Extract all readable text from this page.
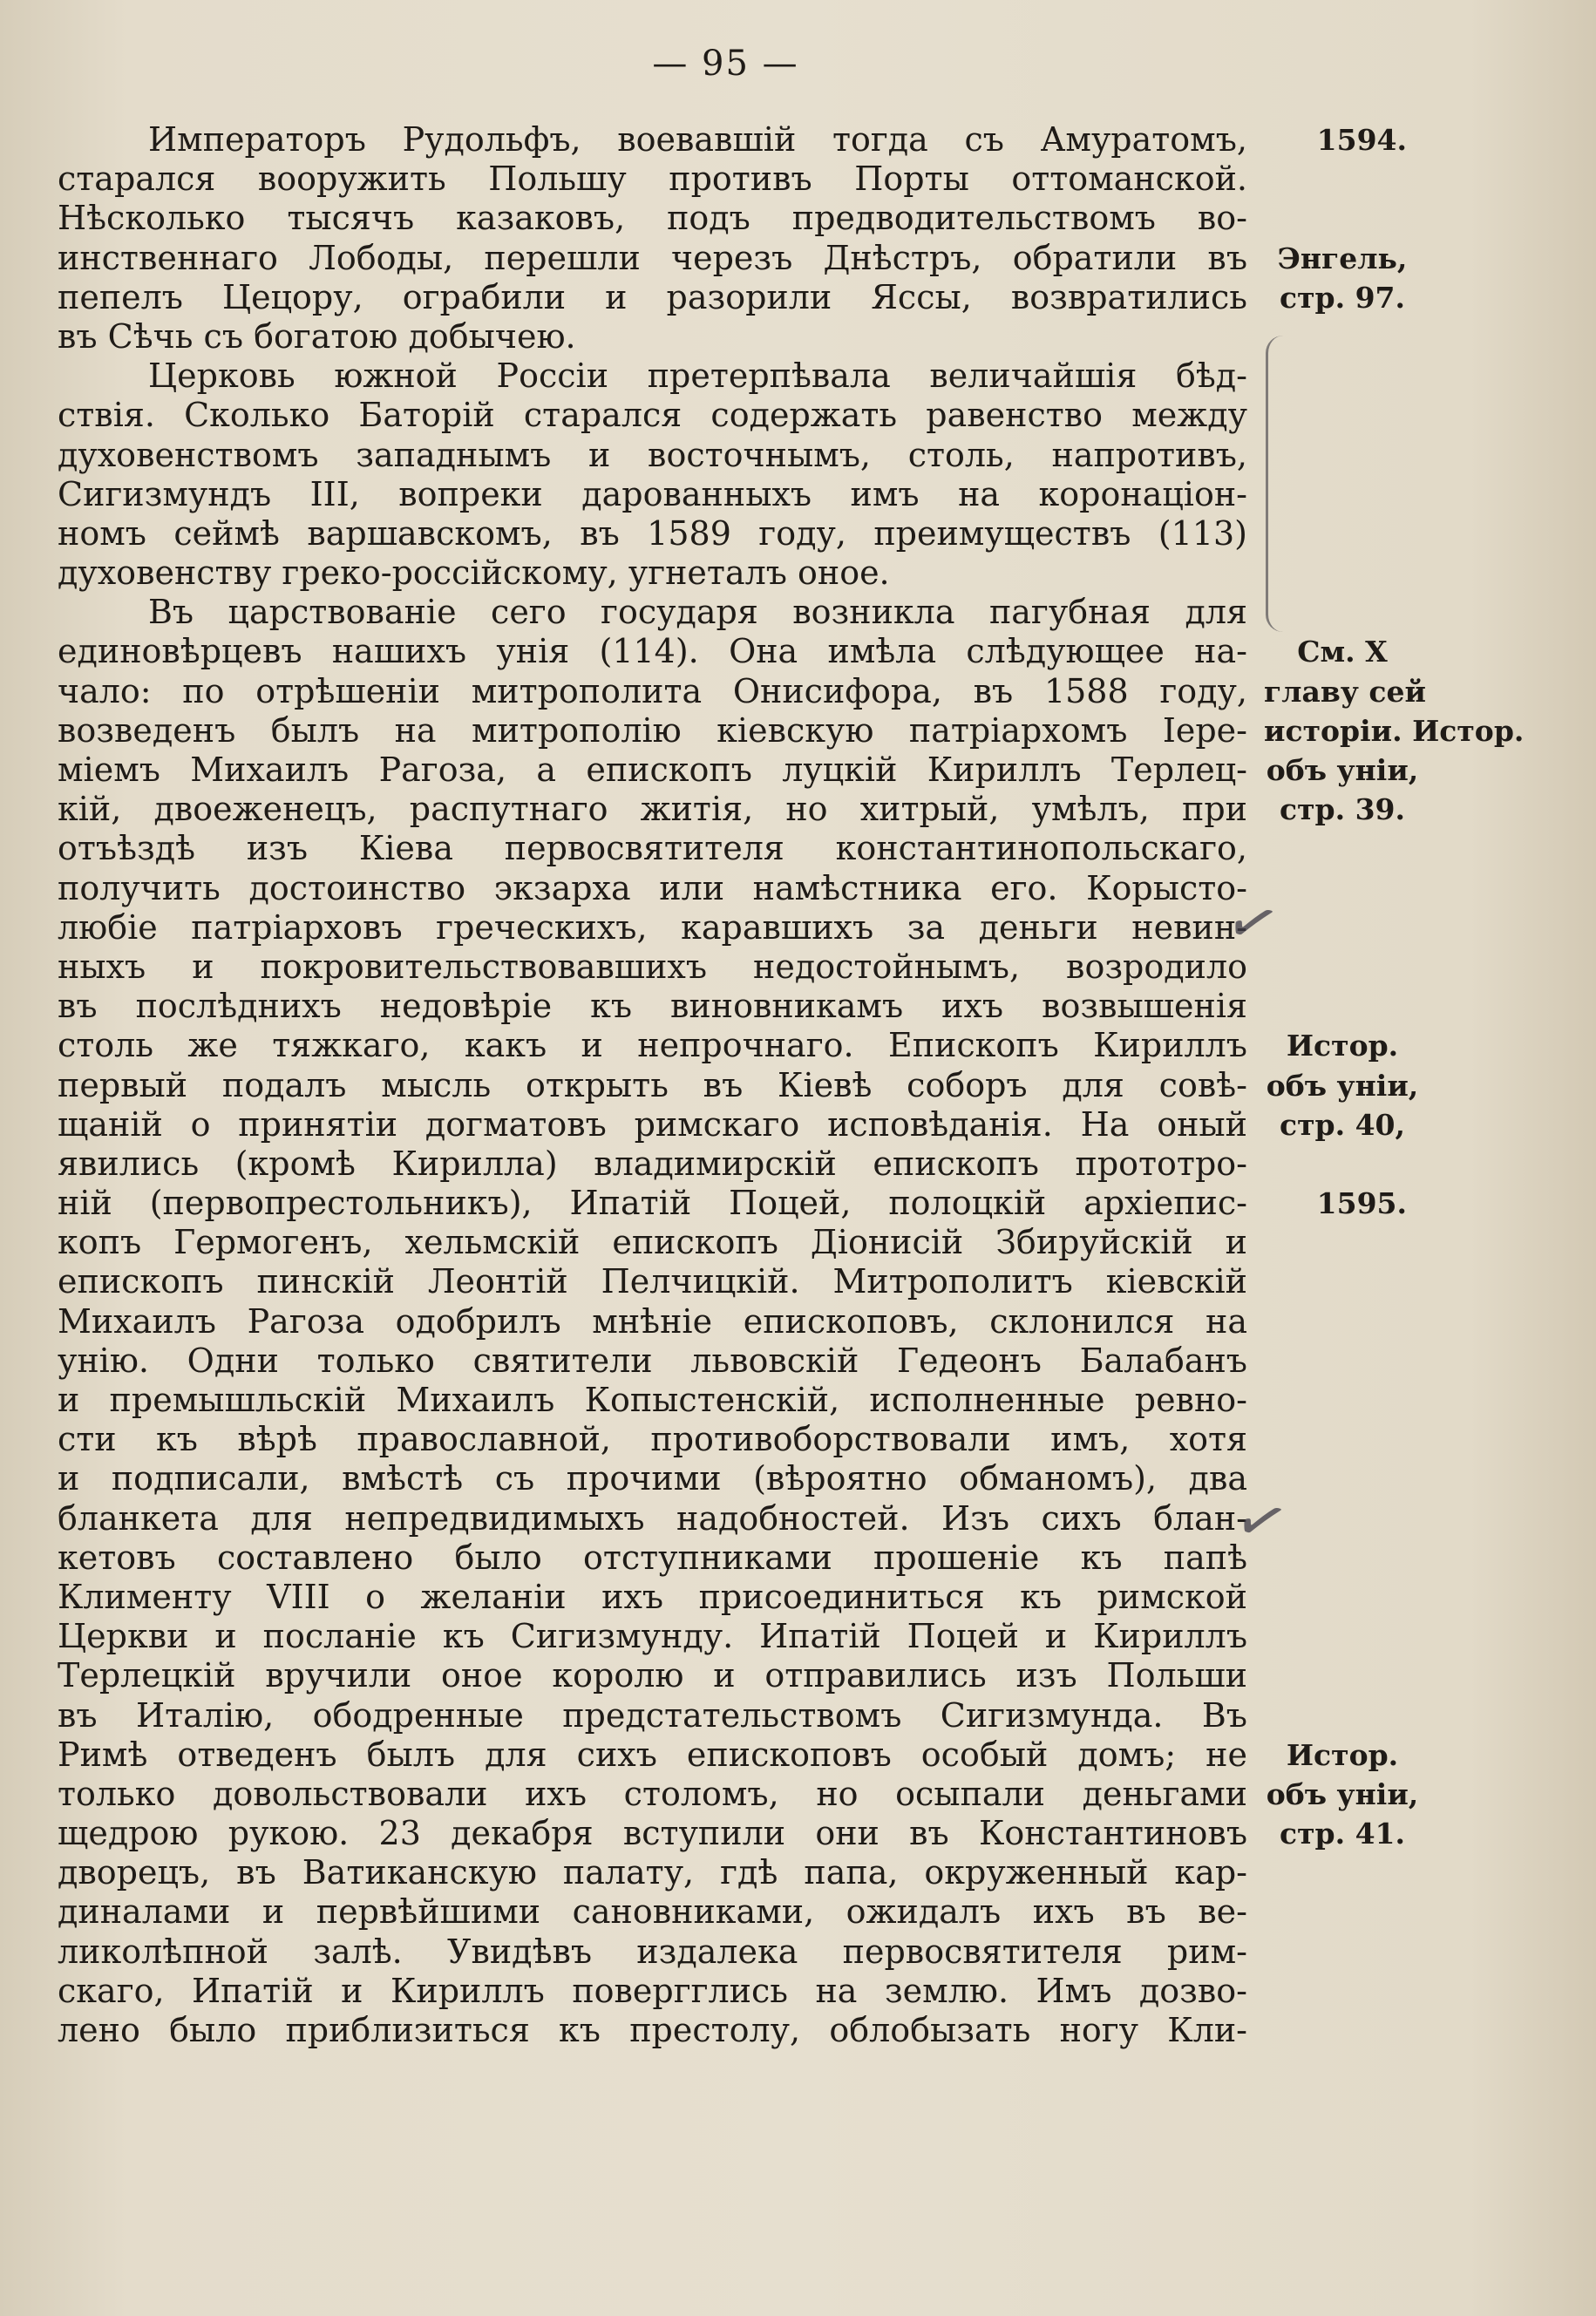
— 95 —
Императоръ Рудольфъ, воевавшій тогда съ Амуратомъ,
старался вооружить Польшу противъ Порты оттоманской.
Нѣсколько тысячъ казаковъ, подъ предводительствомъ во-
инственнаго Лободы, перешли черезъ Днѣстръ, обратили въ
пепелъ Цецору, ограбили и разорили Яссы, возвратились
въ Сѣчь съ богатою добычею.
Церковь южной Россіи претерпѣвала величайшія бѣд-
ствія. Сколько Баторій старался содержать равенство между
духовенствомъ западнымъ и восточнымъ, столь, напротивъ,
Сигизмундъ III, вопреки дарованныхъ имъ на коронаціон-
номъ сеймѣ варшавскомъ, въ 1589 году, преимуществъ (113)
духовенству греко-россійскому, угнеталъ оное.
Въ царствованіе сего государя возникла пагубная для
единовѣрцевъ нашихъ унія (114). Она имѣла слѣдующее на-
чало: по отрѣшеніи митрополита Онисифора, въ 1588 году,
возведенъ былъ на митрополію кіевскую патріархомъ Іере-
міемъ Михаилъ Рагоза, а епископъ луцкій Кириллъ Терлец-
кій, двоеженецъ, распутнаго житія, но хитрый, умѣлъ, при
отъѣздѣ изъ Кіева первосвятителя константинопольскаго,
получить достоинство экзарха или намѣстника его. Корысто-
любіе патріарховъ греческихъ, каравшихъ за деньги невин-
ныхъ и покровительствовавшихъ недостойнымъ, возродило
въ послѣднихъ недовѣріе къ виновникамъ ихъ возвышенія
столь же тяжкаго, какъ и непрочнаго. Епископъ Кириллъ
первый подалъ мысль открыть въ Кіевѣ соборъ для совѣ-
щаній о принятіи догматовъ римскаго исповѣданія. На оный
явились (кромѣ Кирилла) владимирскій епископъ прототро-
ній (первопрестольникъ), Ипатій Поцей, полоцкій архіепис-
копъ Гермогенъ, хельмскій епископъ Діонисій Збируйскій и
епископъ пинскій Леонтій Пелчицкій. Митрополитъ кіевскій
Михаилъ Рагоза одобрилъ мнѣніе епископовъ, склонился на
унію. Одни только святители львовскій Гедеонъ Балабанъ
и премышльскій Михаилъ Копыстенскій, исполненные ревно-
сти къ вѣрѣ православной, противоборствовали имъ, хотя
и подписали, вмѣстѣ съ прочими (вѣроятно обманомъ), два
бланкета для непредвидимыхъ надобностей. Изъ сихъ блан-
кетовъ составлено было отступниками прошеніе къ папѣ
Клименту VIII о желаніи ихъ присоединиться къ римской
Церкви и посланіе къ Сигизмунду. Ипатій Поцей и Кириллъ
Терлецкій вручили оное королю и отправились изъ Польши
въ Италію, ободренные предстательствомъ Сигизмунда. Въ
Римѣ отведенъ былъ для сихъ епископовъ особый домъ; не
только довольствовали ихъ столомъ, но осыпали деньгами
щедрою рукою. 23 декабря вступили они въ Константиновъ
дворецъ, въ Ватиканскую палату, гдѣ папа, окруженный кар-
диналами и первѣйшими сановниками, ожидалъ ихъ въ ве-
ликолѣпной залѣ. Увидѣвъ издалека первосвятителя рим-
скаго, Ипатій и Кириллъ повергглись на землю. Имъ дозво-
лено было приблизиться къ престолу, облобызать ногу Кли-
1594.
Энгель,
стр. 97.
См. X
главу сей
исторіи. Истор.
объ уніи,
стр. 39.
Истор.
объ уніи,
стр. 40,
1595.
Истор.
объ уніи,
стр. 41.
✓
✓
